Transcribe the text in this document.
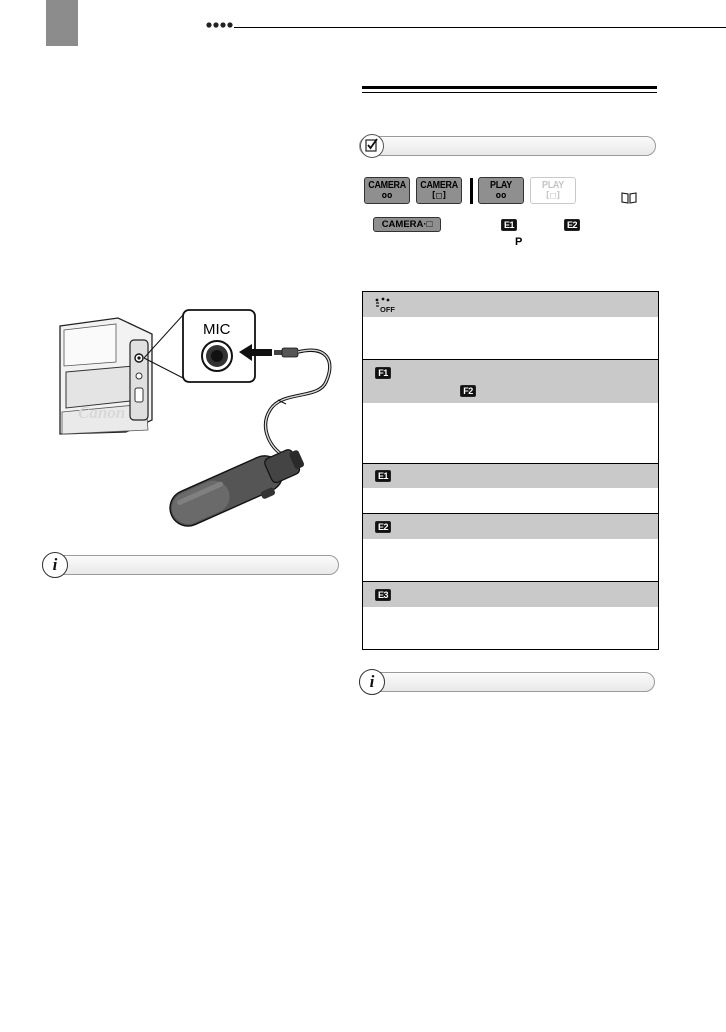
Canon
MIC
i
CAMERA
oo
CAMERA
[□]
PLAY
oo
PLAY
[□]
CAMERA·□	E1	E2
P
OFF
F1
F2
E1
E2
E3
i
